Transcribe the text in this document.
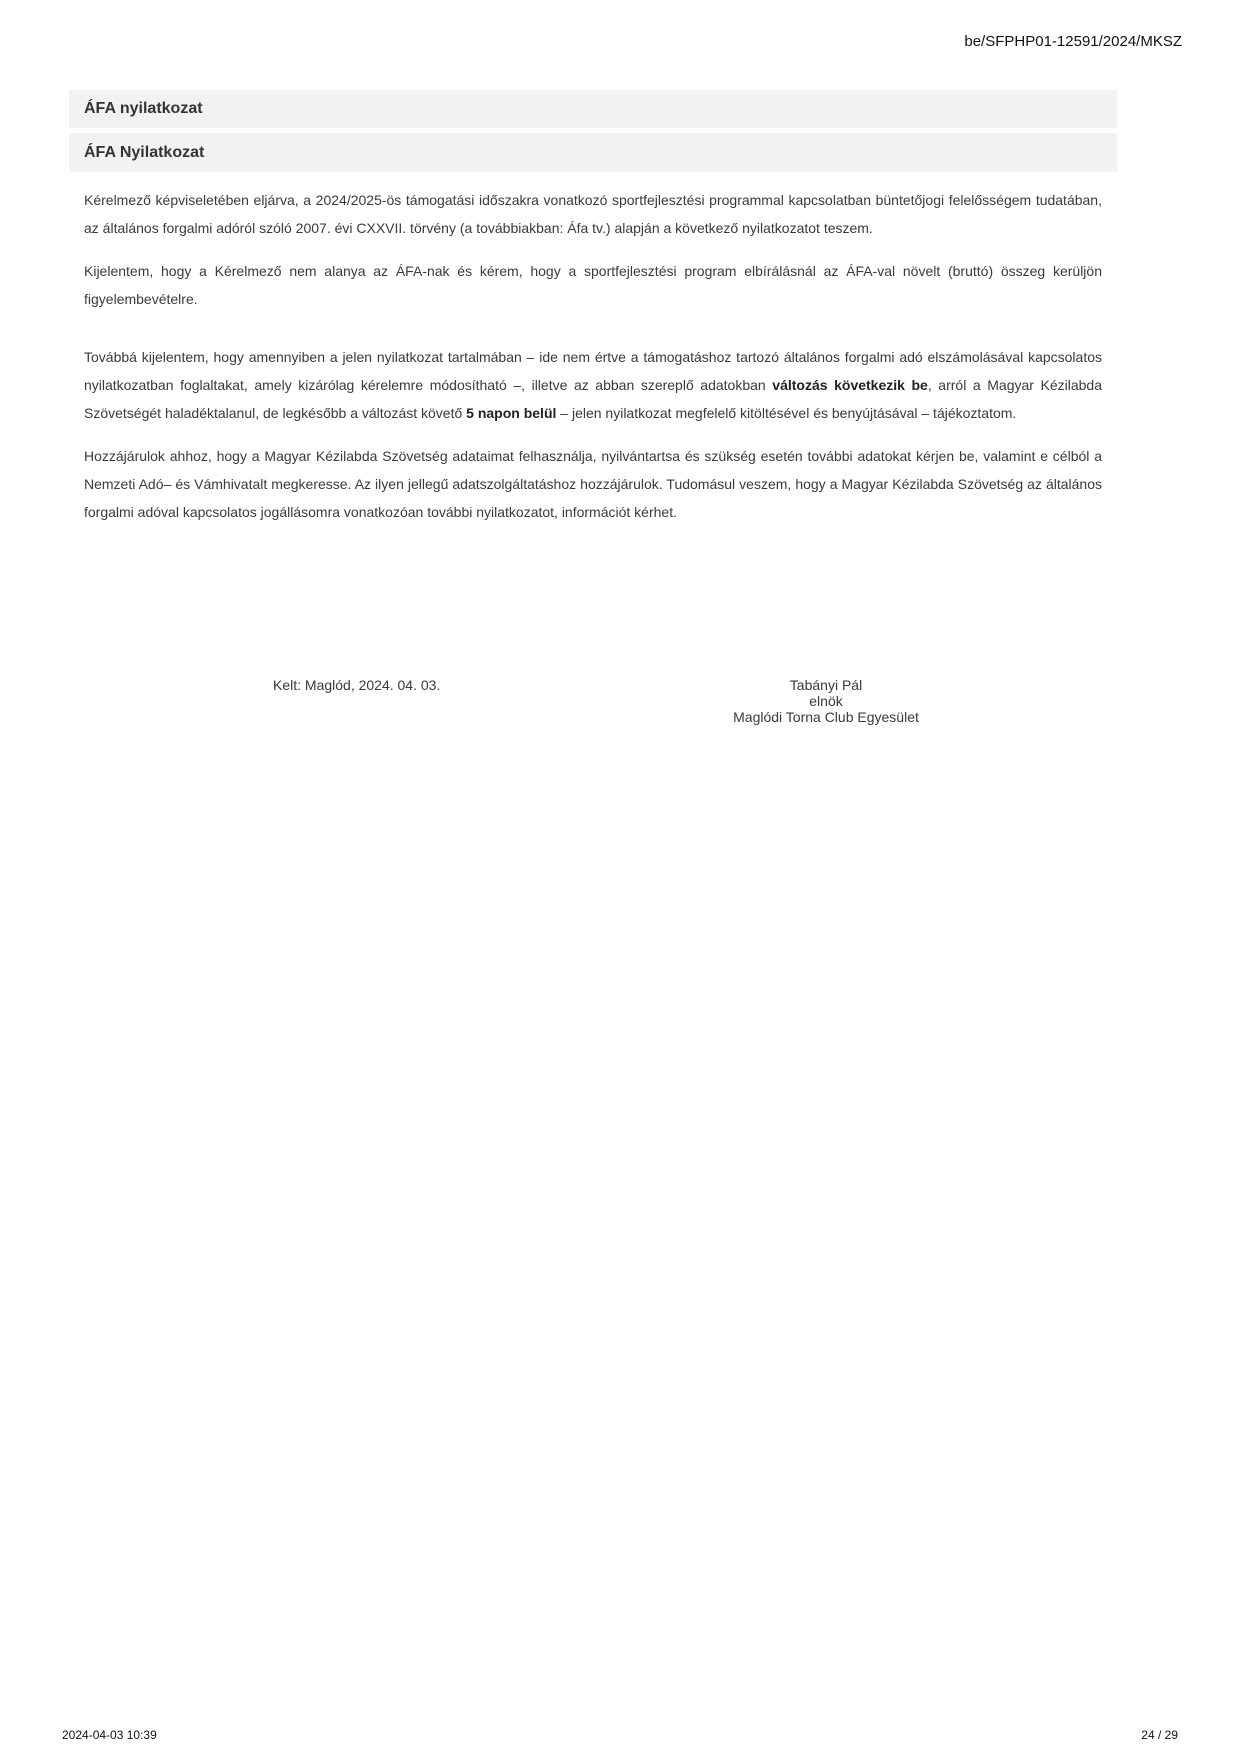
be/SFPHP01-12591/2024/MKSZ
ÁFA nyilatkozat
ÁFA Nyilatkozat
Kérelmező képviseletében eljárva, a 2024/2025-ös támogatási időszakra vonatkozó sportfejlesztési programmal kapcsolatban büntetőjogi felelősségem tudatában, az általános forgalmi adóról szóló 2007. évi CXXVII. törvény (a továbbiakban: Áfa tv.) alapján a következő nyilatkozatot teszem.
Kijelentem, hogy a Kérelmező nem alanya az ÁFA-nak és kérem, hogy a sportfejlesztési program elbírálásnál az ÁFA-val növelt (bruttó) összeg kerüljön figyelembevételre.
Továbbá kijelentem, hogy amennyiben a jelen nyilatkozat tartalmában – ide nem értve a támogatáshoz tartozó általános forgalmi adó elszámolásával kapcsolatos nyilatkozatban foglaltakat, amely kizárólag kérelemre módosítható –, illetve az abban szereplő adatokban változás következik be, arról a Magyar Kézilabda Szövetségét haladéktalanul, de legkésőbb a változást követő 5 napon belül – jelen nyilatkozat megfelelő kitöltésével és benyújtásával – tájékoztatom.
Hozzájárulok ahhoz, hogy a Magyar Kézilabda Szövetség adataimat felhasználja, nyilvántartsa és szükség esetén további adatokat kérjen be, valamint e célból a Nemzeti Adó– és Vámhivatalt megkeresse. Az ilyen jellegű adatszolgáltatáshoz hozzájárulok. Tudomásul veszem, hogy a Magyar Kézilabda Szövetség az általános forgalmi adóval kapcsolatos jogállásomra vonatkozóan további nyilatkozatot, információt kérhet.
Kelt: Maglód, 2024. 04. 03.	Tabányi Pál
elnök
Maglódi Torna Club Egyesület
2024-04-03 10:39	24 / 29
